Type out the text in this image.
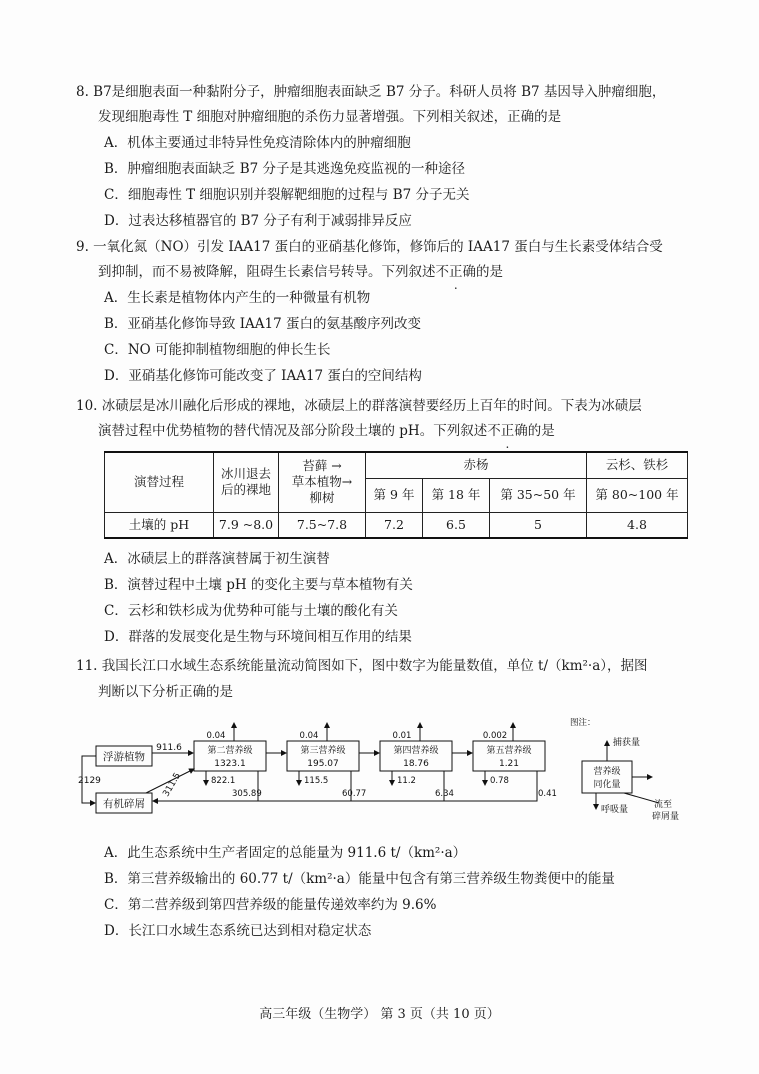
8. B7是细胞表面一种黏附分子，肿瘤细胞表面缺乏 B7 分子。科研人员将 B7 基因导入肿瘤细胞，
发现细胞毒性 T 细胞对肿瘤细胞的杀伤力显著增强。下列相关叙述，正确的是
A．机体主要通过非特异性免疫清除体内的肿瘤细胞
B．肿瘤细胞表面缺乏 B7 分子是其逃逸免疫监视的一种途径
C．细胞毒性 T 细胞识别并裂解靶细胞的过程与 B7 分子无关
D．过表达移植器官的 B7 分子有利于减弱排异反应
9. 一氧化氮（NO）引发 IAA17 蛋白的亚硝基化修饰，修饰后的 IAA17 蛋白与生长素受体结合受
到抑制，而不易被降解，阻碍生长素信号转导。下列叙述不正确的是
A．生长素是植物体内产生的一种微量有机物
B．亚硝基化修饰导致 IAA17 蛋白的氨基酸序列改变
C．NO 可能抑制植物细胞的伸长生长
D．亚硝基化修饰可能改变了 IAA17 蛋白的空间结构
10. 冰碛层是冰川融化后形成的裸地，冰碛层上的群落演替要经历上百年的时间。下表为冰碛层
演替过程中优势植物的替代情况及部分阶段土壤的 pH。下列叙述不正确的是
演替过程	冰川退去
后的裸地	苔藓 →
草本植物→
柳树	赤杨			云杉、铁杉
			第 9 年	第 18 年	第 35~50 年	第 80~100 年
土壤的 pH	7.9 ~8.0	7.5~7.8	7.2	6.5	5	4.8
A．冰碛层上的群落演替属于初生演替
B．演替过程中土壤 pH 的变化主要与草本植物有关
C．云杉和铁杉成为优势种可能与土壤的酸化有关
D．群落的发展变化是生物与环境间相互作用的结果
11. 我国长江口水域生态系统能量流动简图如下，图中数字为能量数值，单位 t/（km²·a），据图
判断以下分析正确的是
浮游植物
有机碎屑
911.6
311.5
2129
第二营养级
1323.1
0.04
822.1
第三营养级
195.07
0.04
115.5
第四营养级
18.76
0.01
11.2
第五营养级
1.21
0.002
0.78
305.89	60.77	6.34	0.41
图注：
捕获量
营养级
同化量
呼吸量	流至
碎屑量
A．此生态系统中生产者固定的总能量为 911.6 t/（km²·a）
B．第三营养级输出的 60.77 t/（km²·a）能量中包含有第三营养级生物粪便中的能量
C．第二营养级到第四营养级的能量传递效率约为 9.6%
D．长江口水域生态系统已达到相对稳定状态
高三年级（生物学） 第 3 页（共 10 页）
